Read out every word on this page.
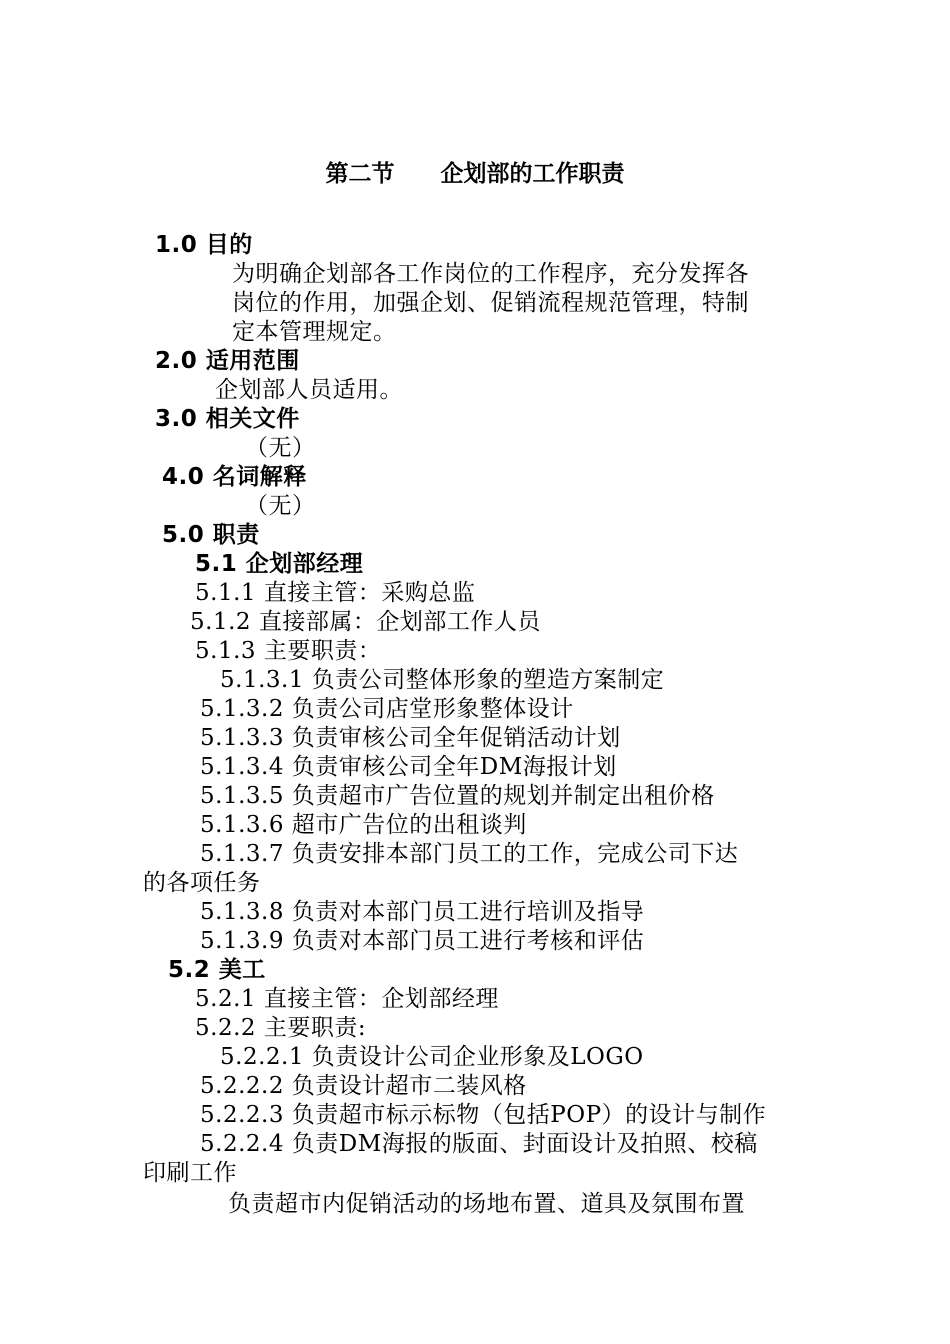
第二节　　企划部的工作职责
1.0 目的
为明确企划部各工作岗位的工作程序，充分发挥各
岗位的作用，加强企划、促销流程规范管理，特制
定本管理规定。
2.0 适用范围
企划部人员适用。
3.0 相关文件
（无）
4.0 名词解释
（无）
5.0 职责
5.1 企划部经理
5.1.1 直接主管：采购总监
5.1.2 直接部属：企划部工作人员
5.1.3 主要职责：
5.1.3.1 负责公司整体形象的塑造方案制定
5.1.3.2 负责公司店堂形象整体设计
5.1.3.3 负责审核公司全年促销活动计划
5.1.3.4 负责审核公司全年DM海报计划
5.1.3.5 负责超市广告位置的规划并制定出租价格
5.1.3.6 超市广告位的出租谈判
5.1.3.7 负责安排本部门员工的工作，完成公司下达
的各项任务
5.1.3.8 负责对本部门员工进行培训及指导
5.1.3.9 负责对本部门员工进行考核和评估
5.2 美工
5.2.1 直接主管：企划部经理
5.2.2 主要职责:
5.2.2.1 负责设计公司企业形象及LOGO
5.2.2.2 负责设计超市二装风格
5.2.2.3 负责超市标示标物（包括POP）的设计与制作
5.2.2.4 负责DM海报的版面、封面设计及拍照、校稿
印刷工作
负责超市内促销活动的场地布置、道具及氛围布置
